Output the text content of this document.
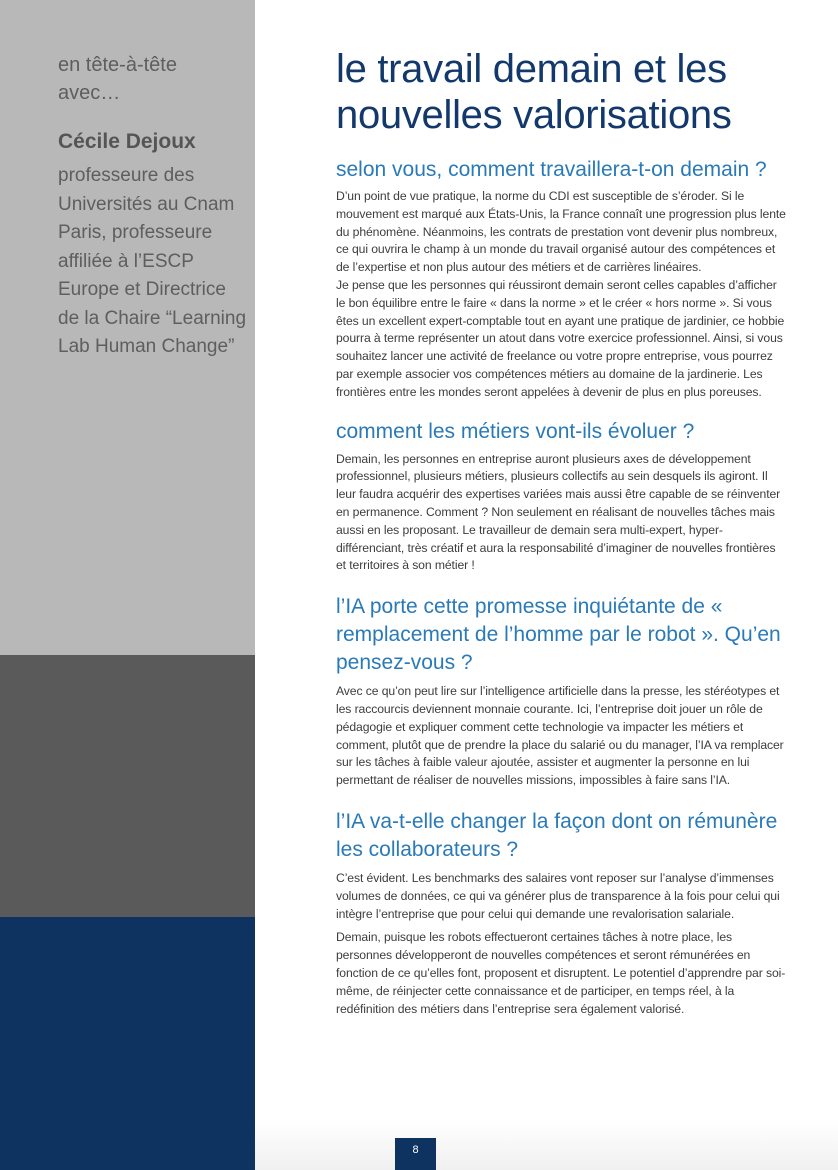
en tête-à-tête avec…
Cécile Dejoux
professeure des Universités au Cnam Paris, professeure affiliée à l’ESCP Europe et Directrice de la Chaire “Learning Lab Human Change”
le travail demain et les nouvelles valorisations
selon vous, comment travaillera-t-on demain ?

D’un point de vue pratique, la norme du CDI est susceptible de s’éroder. Si le mouvement est marqué aux États-Unis, la France connaît une progression plus lente du phénomène. Néanmoins, les contrats de prestation vont devenir plus nombreux, ce qui ouvrira le champ à un monde du travail organisé autour des compétences et de l’expertise et non plus autour des métiers et de carrières linéaires.

Je pense que les personnes qui réussiront demain seront celles capables d’afficher le bon équilibre entre le faire « dans la norme » et le créer « hors norme ». Si vous êtes un excellent expert-comptable tout en ayant une pratique de jardinier, ce hobbie pourra à terme représenter un atout dans votre exercice professionnel. Ainsi, si vous souhaitez lancer une activité de freelance ou votre propre entreprise, vous pourrez par exemple associer vos compétences métiers au domaine de la jardinerie. Les frontières entre les mondes seront appelées à devenir de plus en plus poreuses.

comment les métiers vont-ils évoluer ?

Demain, les personnes en entreprise auront plusieurs axes de développement professionnel, plusieurs métiers, plusieurs collectifs au sein desquels ils agiront. Il leur faudra acquérir des expertises variées mais aussi être capable de se réinventer en permanence. Comment ? Non seulement en réalisant de nouvelles tâches mais aussi en les proposant. Le travailleur de demain sera multi-expert, hyper-différenciant, très créatif et aura la responsabilité d’imaginer de nouvelles frontières et territoires à son métier !

l’IA porte cette promesse inquiétante de « remplacement de l’homme par le robot ». Qu’en pensez-vous ?

Avec ce qu’on peut lire sur l’intelligence artificielle dans la presse, les stéréotypes et les raccourcis deviennent monnaie courante. Ici, l’entreprise doit jouer un rôle de pédagogie et expliquer comment cette technologie va impacter les métiers et comment, plutôt que de prendre la place du salarié ou du manager, l’IA va remplacer sur les tâches à faible valeur ajoutée, assister et augmenter la personne en lui permettant de réaliser de nouvelles missions, impossibles à faire sans l’IA.

l’IA va-t-elle changer la façon dont on rémunère les collaborateurs ?

C’est évident. Les benchmarks des salaires vont reposer sur l’analyse d’immenses volumes de données, ce qui va générer plus de transparence à la fois pour celui qui intègre l’entreprise que pour celui qui demande une revalorisation salariale.

Demain, puisque les robots effectueront certaines tâches à notre place, les personnes développeront de nouvelles compétences et seront rémunérées en fonction de ce qu’elles font, proposent et disruptent. Le potentiel d’apprendre par soi-même, de réinjecter cette connaissance et de participer, en temps réel, à la redéfinition des métiers dans l’entreprise sera également valorisé.

8
